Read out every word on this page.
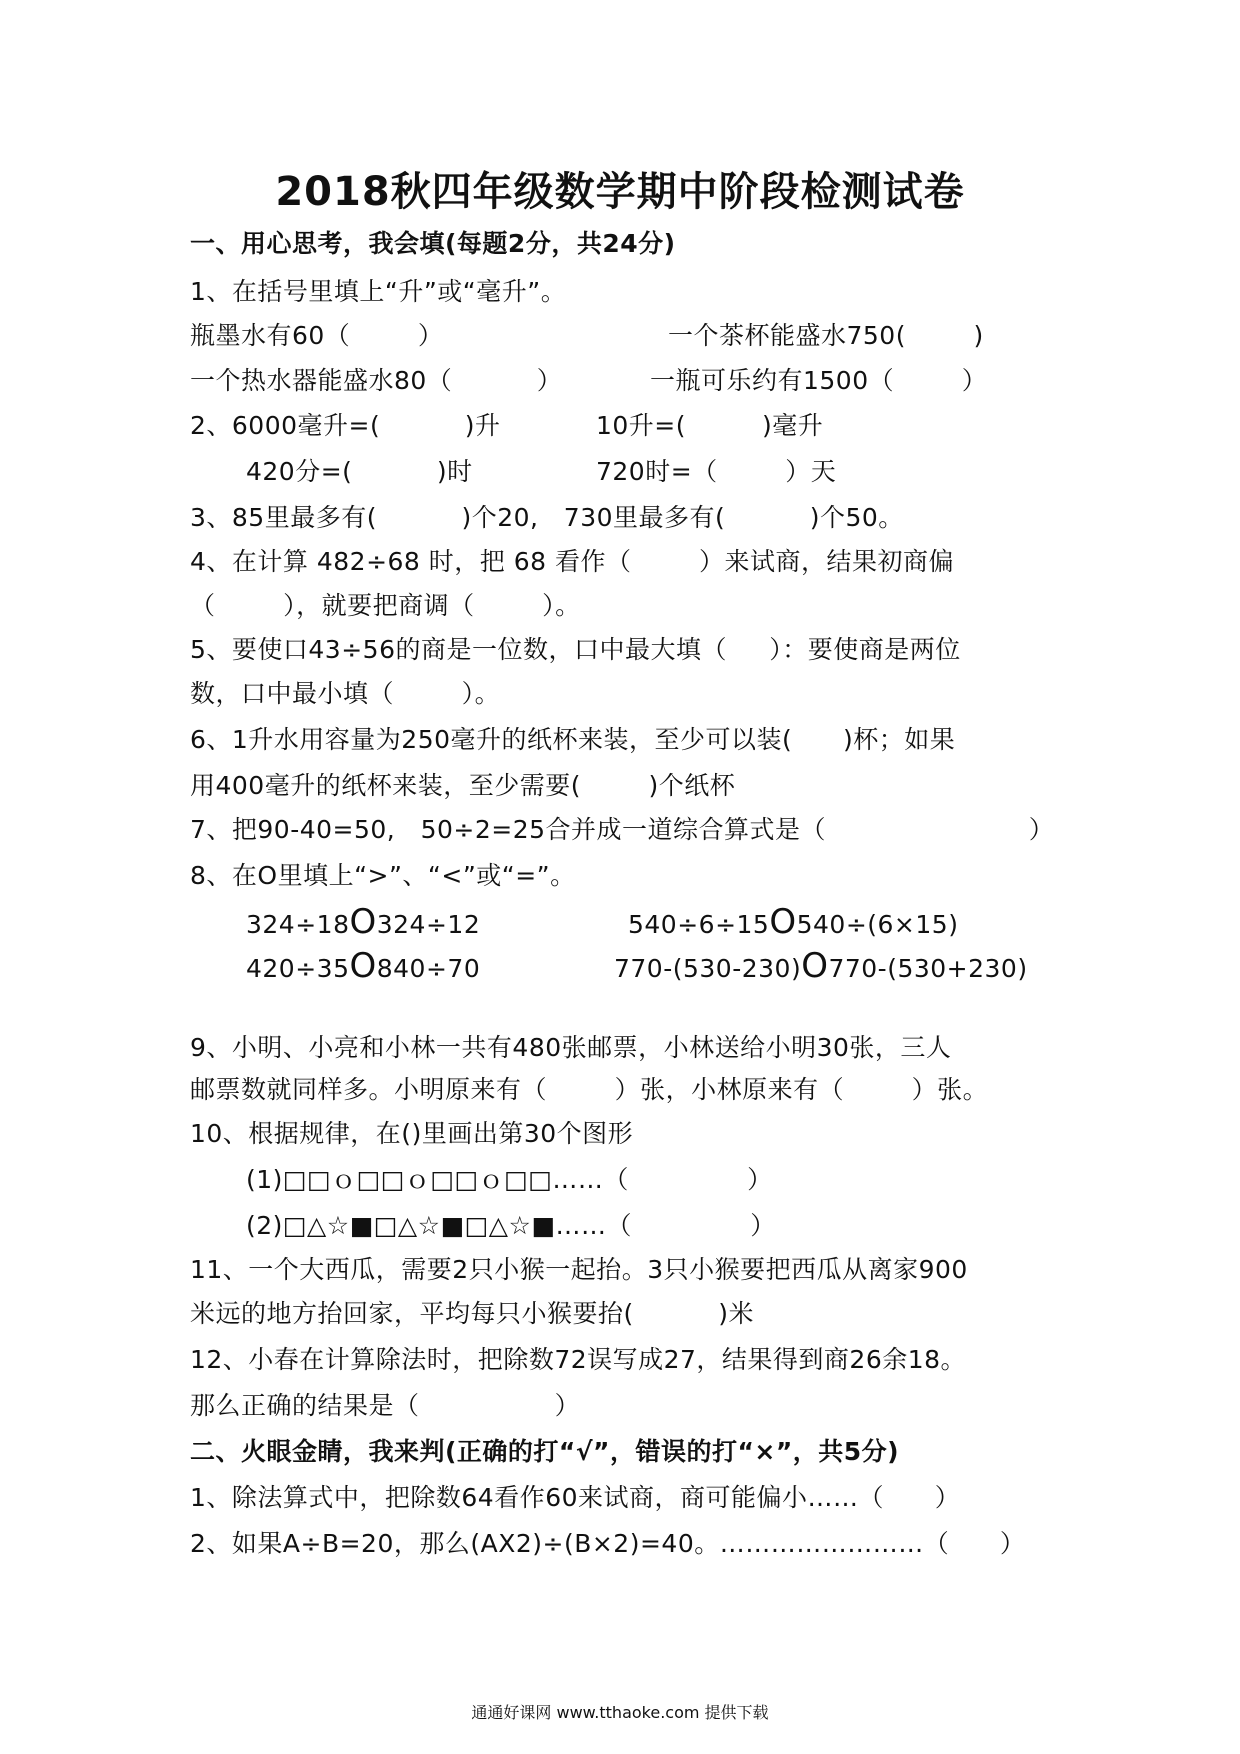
2018秋四年级数学期中阶段检测试卷
一、用心思考，我会填(每题2分，共24分)
1、在括号里填上“升”或“毫升”。
瓶墨水有60（        ）	一个茶杯能盛水750(        )
一个热水器能盛水80（          ）	一瓶可乐约有1500（        ）
2、6000毫升=(          )升	10升=(         )毫升
420分=(          )时	720时=（        ）天
3、85里最多有(          )个20,   730里最多有(          )个50。
4、在计算 482÷68 时，把 68 看作（        ）来试商，结果初商偏
（        ），就要把商调（        ）。
5、要使口43÷56的商是一位数，口中最大填（     ）：要使商是两位
数，口中最小填（        ）。
6、1升水用容量为250毫升的纸杯来装，至少可以装(      )杯；如果
用400毫升的纸杯来装，至少需要(        )个纸杯
7、把90-40=50,   50÷2=25合并成一道综合算式是（                        ）
8、在O里填上“>”、“<”或“=”。
324÷18O324÷12	540÷6÷15O540÷(6×15)
420÷35O840÷70	770-(530-230)O770-(530+230)
9、小明、小亮和小林一共有480张邮票，小林送给小明30张，三人
邮票数就同样多。小明原来有（        ）张，小林原来有（        ）张。
10、根据规律，在()里画出第30个图形
(1)□□ｏ□□ｏ□□ｏ□□……（              ）
(2)□△☆■□△☆■□△☆■……（              ）
11、一个大西瓜，需要2只小猴一起抬。3只小猴要把西瓜从离家900
米远的地方抬回家，平均每只小猴要抬(          )米
12、小春在计算除法时，把除数72误写成27，结果得到商26余18。
那么正确的结果是（                ）
二、火眼金睛，我来判(正确的打“√”，错误的打“×”，共5分)
1、除法算式中，把除数64看作60来试商，商可能偏小……（      ）
2、如果A÷B=20，那么(AX2)÷(B×2)=40。……………………（      ）
通通好课网 www.tthaoke.com 提供下载
